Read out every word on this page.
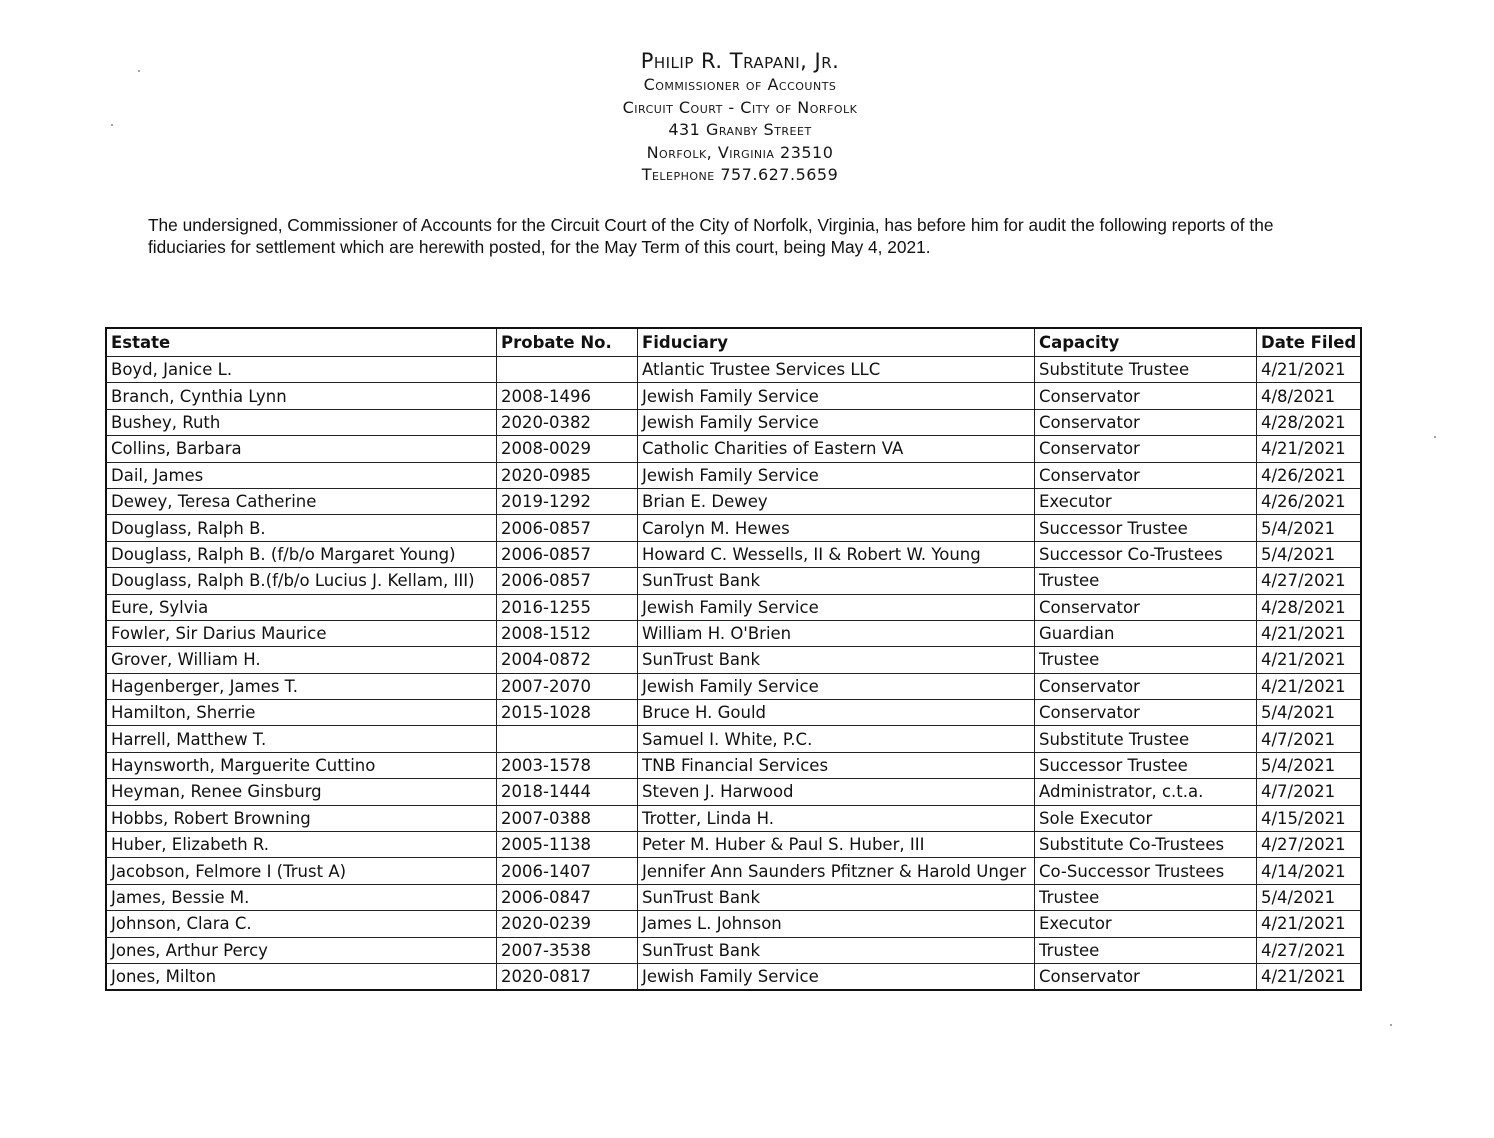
Philip R. Trapani, Jr.
Commissioner of Accounts
Circuit Court - City of Norfolk
431 Granby Street
Norfolk, Virginia 23510
Telephone 757.627.5659
The undersigned, Commissioner of Accounts for the Circuit Court of the City of Norfolk, Virginia, has before him for audit the following reports of the fiduciaries for settlement which are herewith posted, for the May Term of this court, being May 4, 2021.
Estate	Probate No.	Fiduciary	Capacity	Date Filed
Boyd, Janice L.		Atlantic Trustee Services LLC	Substitute Trustee	4/21/2021
Branch, Cynthia Lynn	2008-1496	Jewish Family Service	Conservator	4/8/2021
Bushey, Ruth	2020-0382	Jewish Family Service	Conservator	4/28/2021
Collins, Barbara	2008-0029	Catholic Charities of Eastern VA	Conservator	4/21/2021
Dail, James	2020-0985	Jewish Family Service	Conservator	4/26/2021
Dewey, Teresa Catherine	2019-1292	Brian E. Dewey	Executor	4/26/2021
Douglass, Ralph B.	2006-0857	Carolyn M. Hewes	Successor Trustee	5/4/2021
Douglass, Ralph B. (f/b/o Margaret Young)	2006-0857	Howard C. Wessells, II & Robert W. Young	Successor Co-Trustees	5/4/2021
Douglass, Ralph B.(f/b/o Lucius J. Kellam, III)	2006-0857	SunTrust Bank	Trustee	4/27/2021
Eure, Sylvia	2016-1255	Jewish Family Service	Conservator	4/28/2021
Fowler, Sir Darius Maurice	2008-1512	William H. O'Brien	Guardian	4/21/2021
Grover, William H.	2004-0872	SunTrust Bank	Trustee	4/21/2021
Hagenberger, James T.	2007-2070	Jewish Family Service	Conservator	4/21/2021
Hamilton, Sherrie	2015-1028	Bruce H. Gould	Conservator	5/4/2021
Harrell, Matthew T.		Samuel I. White, P.C.	Substitute Trustee	4/7/2021
Haynsworth, Marguerite Cuttino	2003-1578	TNB Financial Services	Successor Trustee	5/4/2021
Heyman, Renee Ginsburg	2018-1444	Steven J. Harwood	Administrator, c.t.a.	4/7/2021
Hobbs, Robert Browning	2007-0388	Trotter, Linda H.	Sole Executor	4/15/2021
Huber, Elizabeth R.	2005-1138	Peter M. Huber & Paul S. Huber, III	Substitute Co-Trustees	4/27/2021
Jacobson, Felmore I (Trust A)	2006-1407	Jennifer Ann Saunders Pfitzner & Harold Unger	Co-Successor Trustees	4/14/2021
James, Bessie M.	2006-0847	SunTrust Bank	Trustee	5/4/2021
Johnson, Clara C.	2020-0239	James L. Johnson	Executor	4/21/2021
Jones, Arthur Percy	2007-3538	SunTrust Bank	Trustee	4/27/2021
Jones, Milton	2020-0817	Jewish Family Service	Conservator	4/21/2021
